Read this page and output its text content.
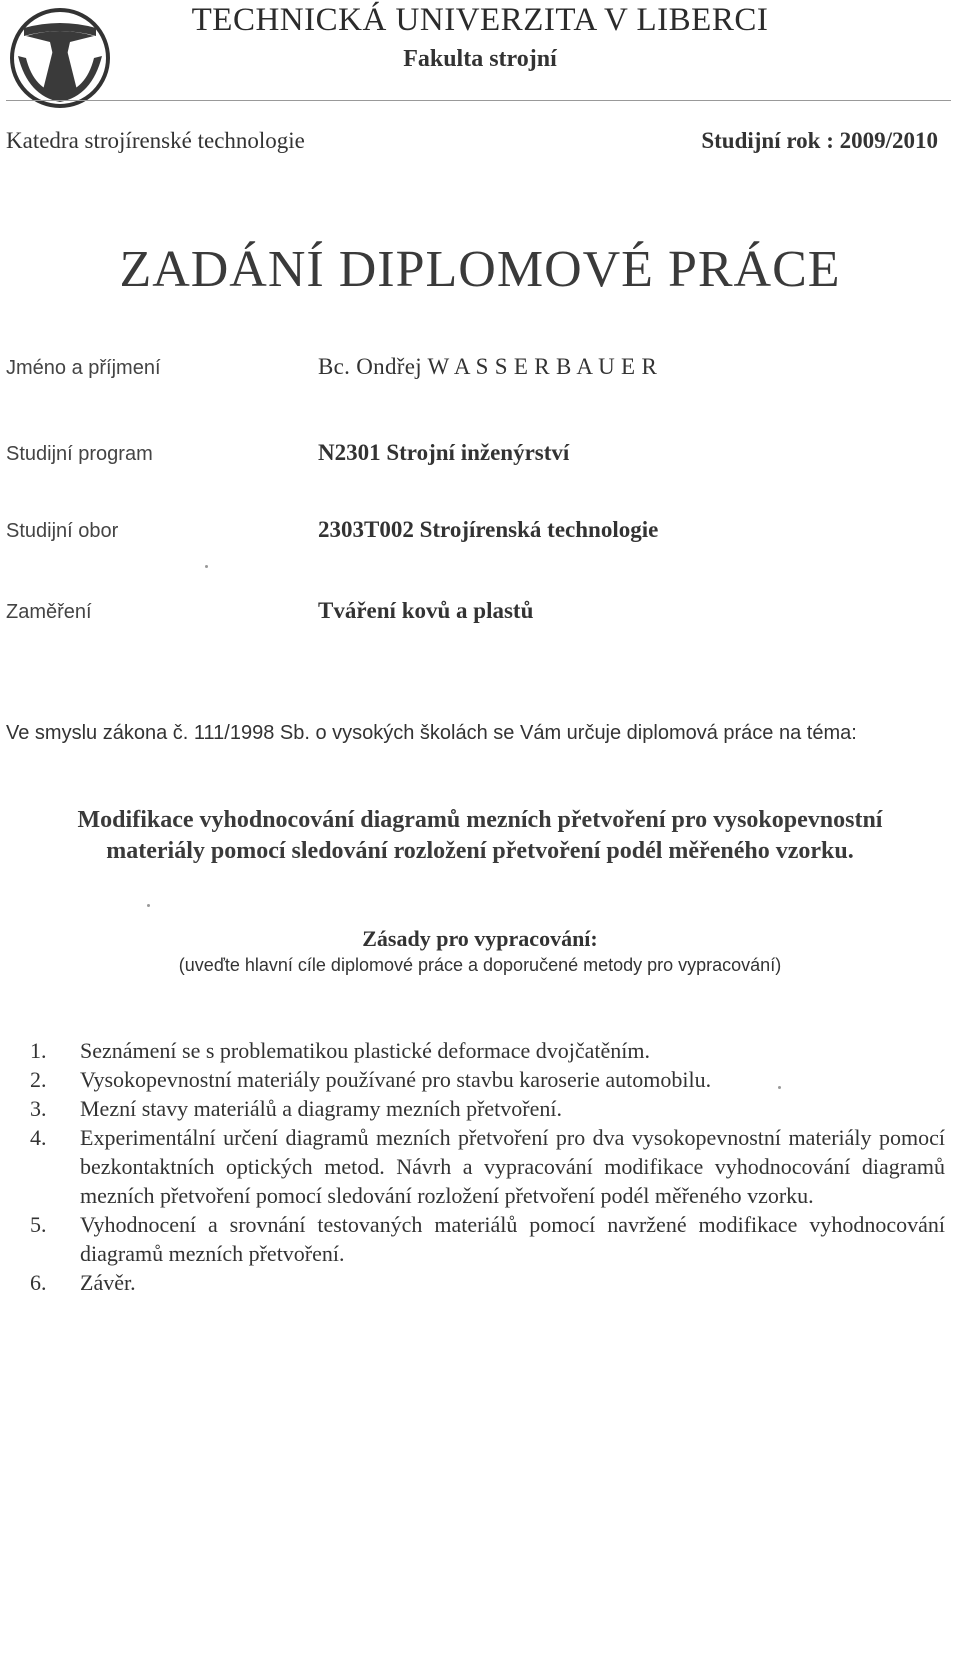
TECHNICKÁ UNIVERZITA V LIBERCI
Fakulta strojní
Katedra strojírenské technologie	Studijní rok : 2009/2010
ZADÁNÍ DIPLOMOVÉ PRÁCE
Jméno a příjmení	Bc. Ondřej W A S S E R B A U E R
Studijní program	N2301 Strojní inženýrství
Studijní obor	2303T002 Strojírenská technologie
Zaměření	Tváření kovů a plastů
Ve smyslu zákona č. 111/1998 Sb. o vysokých školách se Vám určuje diplomová práce na téma:
Modifikace vyhodnocování diagramů mezních přetvoření pro vysokopevnostní
materiály pomocí sledování rozložení přetvoření podél měřeného vzorku.
Zásady pro vypracování:
(uveďte hlavní cíle diplomové práce a doporučené metody pro vypracování)
1. Seznámení se s problematikou plastické deformace dvojčatěním.
2. Vysokopevnostní materiály používané pro stavbu karoserie automobilu.
3. Mezní stavy materiálů a diagramy mezních přetvoření.
4. Experimentální určení diagramů mezních přetvoření pro dva vysokopevnostní materiály pomocí bezkontaktních optických metod. Návrh a vypracování modifikace vyhodnocování diagramů mezních přetvoření pomocí sledování rozložení přetvoření podél měřeného vzorku.
5. Vyhodnocení a srovnání testovaných materiálů pomocí navržené modifikace vyhodnocování diagramů mezních přetvoření.
6. Závěr.
